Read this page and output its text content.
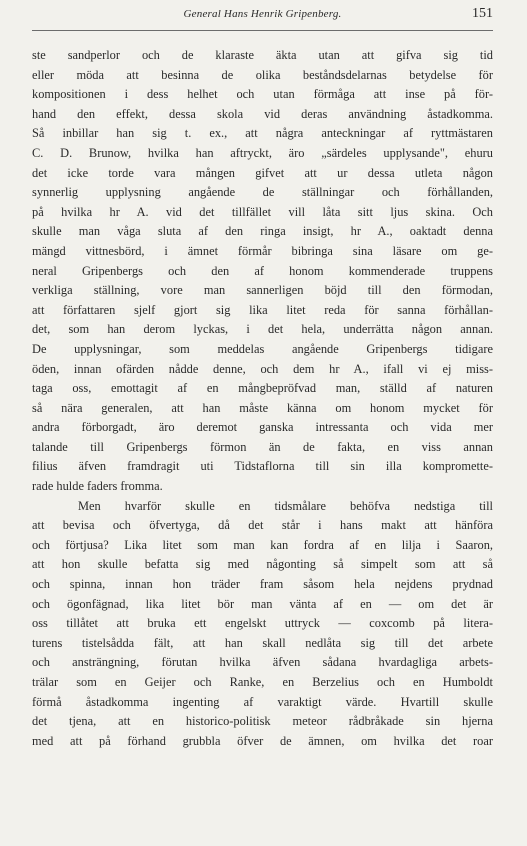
General Hans Henrik Gripenberg.	151
ste sandperlor och de klaraste äkta utan att gifva sig tid
eller möda att besinna de olika beståndsdelarnas betydelse för
kompositionen i dess helhet och utan förmåga att inse på för-
hand den effekt, dessa skola vid deras användning åstadkomma.
Så inbillar han sig t. ex., att några anteckningar af ryttmästaren
C. D. Brunow, hvilka han aftryckt, äro „särdeles upplysande", ehuru
det icke torde vara mången gifvet att ur dessa utleta någon
synnerlig upplysning angående de ställningar och förhållanden,
på hvilka hr A. vid det tillfället vill låta sitt ljus skina. Och
skulle man våga sluta af den ringa insigt, hr A., oaktadt denna
mängd vittnesbörd, i ämnet förmår bibringa sina läsare om ge-
neral Gripenbergs och den af honom kommenderade truppens
verkliga ställning, vore man sannerligen böjd till den förmodan,
att författaren sjelf gjort sig lika litet reda för sanna förhållan-
det, som han derom lyckas, i det hela, underrätta någon annan.
De upplysningar, som meddelas angående Gripenbergs tidigare
öden, innan ofärden nådde denne, och dem hr A., ifall vi ej miss-
taga oss, emottagit af en mångbepröfvad man, ställd af naturen
så nära generalen, att han måste känna om honom mycket för
andra förborgadt, äro deremot ganska intressanta och vida mer
talande till Gripenbergs förmon än de fakta, en viss annan
filius äfven framdragit uti Tidstaflorna till sin illa kompromette-
rade hulde faders fromma.
Men hvarför skulle en tidsmålare behöfva nedstiga till
att bevisa och öfvertyga, då det står i hans makt att hänföra
och förtjusa? Lika litet som man kan fordra af en lilja i Saaron,
att hon skulle befatta sig med någonting så simpelt som att så
och spinna, innan hon träder fram såsom hela nejdens prydnad
och ögonfägnad, lika litet bör man vänta af en — om det är
oss tillåtet att bruka ett engelskt uttryck — coxcomb på litera-
turens tistelsådda fält, att han skall nedlåta sig till det arbete
och ansträngning, förutan hvilka äfven sådana hvardagliga arbets-
trälar som en Geijer och Ranke, en Berzelius och en Humboldt
förmå åstadkomma ingenting af varaktigt värde. Hvartill skulle
det tjena, att en historico-politisk meteor rådbråkade sin hjerna
med att på förhand grubbla öfver de ämnen, om hvilka det roar
